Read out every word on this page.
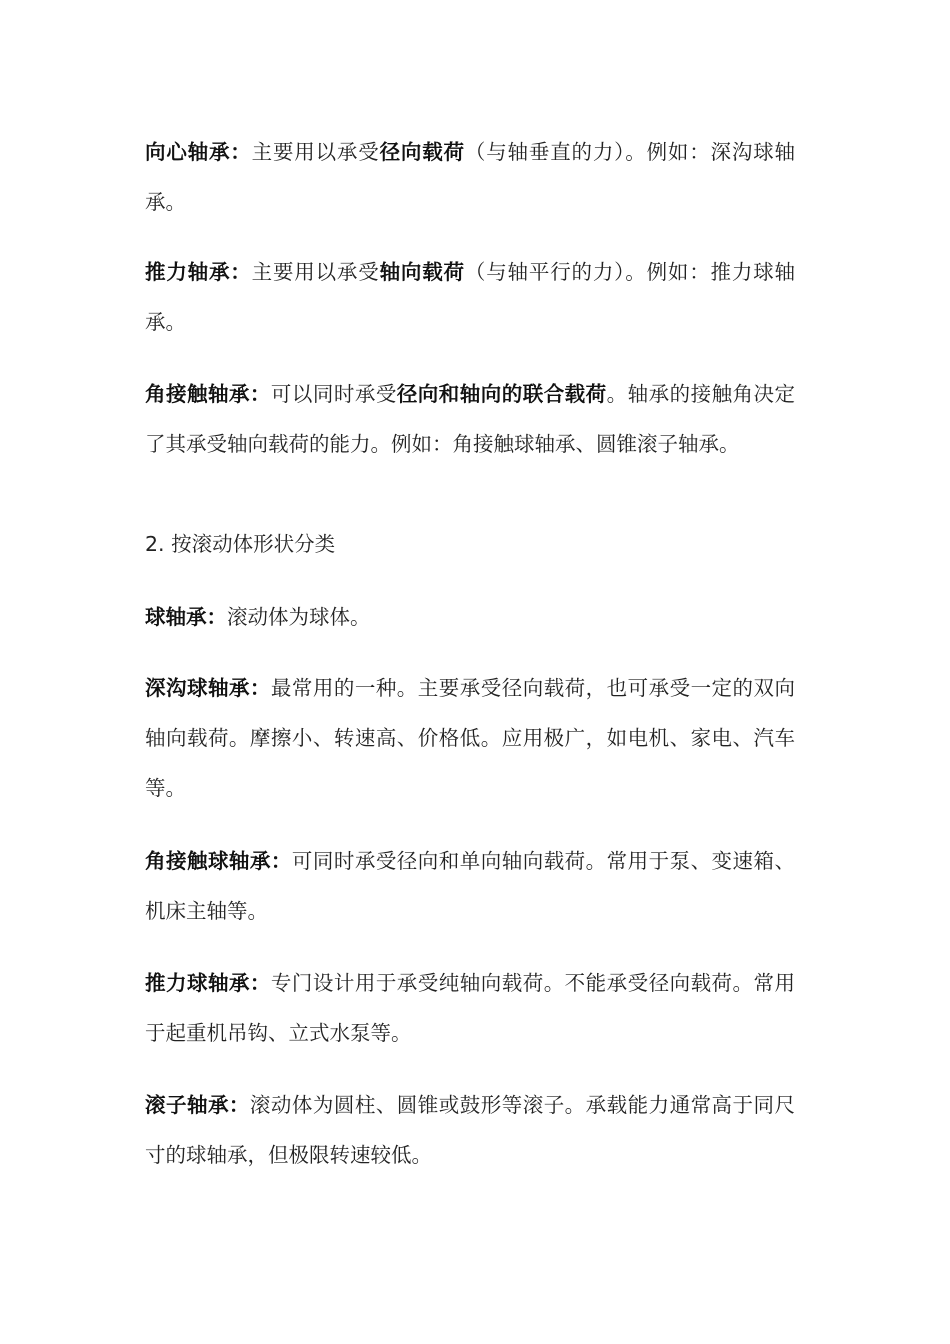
向心轴承：主要用以承受径向载荷（与轴垂直的力）。例如：深沟球轴承。

推力轴承：主要用以承受轴向载荷（与轴平行的力）。例如：推力球轴承。

角接触轴承：可以同时承受径向和轴向的联合载荷。轴承的接触角决定了其承受轴向载荷的能力。例如：角接触球轴承、圆锥滚子轴承。

2. 按滚动体形状分类

球轴承：滚动体为球体。

深沟球轴承：最常用的一种。主要承受径向载荷，也可承受一定的双向轴向载荷。摩擦小、转速高、价格低。应用极广，如电机、家电、汽车等。

角接触球轴承：可同时承受径向和单向轴向载荷。常用于泵、变速箱、机床主轴等。

推力球轴承：专门设计用于承受纯轴向载荷。不能承受径向载荷。常用于起重机吊钩、立式水泵等。

滚子轴承：滚动体为圆柱、圆锥或鼓形等滚子。承载能力通常高于同尺寸的球轴承，但极限转速较低。
